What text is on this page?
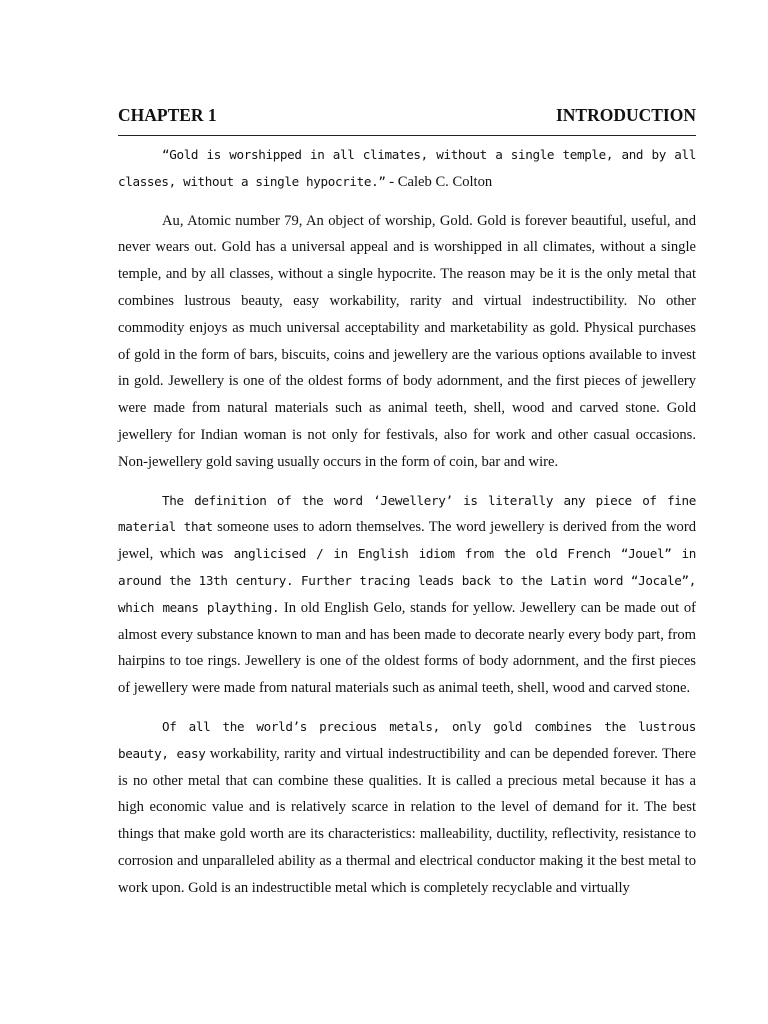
CHAPTER 1	INTRODUCTION

“Gold is worshipped in all climates, without a single temple, and by all classes, without a single hypocrite.” - Caleb C. Colton

Au, Atomic number 79, An object of worship, Gold. Gold is forever beautiful, useful, and never wears out. Gold has a universal appeal and is worshipped in all climates, without a single temple, and by all classes, without a single hypocrite. The reason may be it is the only metal that combines lustrous beauty, easy workability, rarity and virtual indestructibility. No other commodity enjoys as much universal acceptability and marketability as gold. Physical purchases of gold in the form of bars, biscuits, coins and jewellery are the various options available to invest in gold. Jewellery is one of the oldest forms of body adornment, and the first pieces of jewellery were made from natural materials such as animal teeth, shell, wood and carved stone. Gold jewellery for Indian woman is not only for festivals, also for work and other casual occasions. Non-jewellery gold saving usually occurs in the form of coin, bar and wire.

The definition of the word ‘Jewellery’ is literally any piece of fine material that someone uses to adorn themselves. The word jewellery is derived from the word jewel, which was anglicised / in English idiom from the old French “Jouel” in around the 13th century. Further tracing leads back to the Latin word “Jocale”, which means plaything. In old English Gelo, stands for yellow. Jewellery can be made out of almost every substance known to man and has been made to decorate nearly every body part, from hairpins to toe rings. Jewellery is one of the oldest forms of body adornment, and the first pieces of jewellery were made from natural materials such as animal teeth, shell, wood and carved stone.

Of all the world’s precious metals, only gold combines the lustrous beauty, easy workability, rarity and virtual indestructibility and can be depended forever. There is no other metal that can combine these qualities. It is called a precious metal because it has a high economic value and is relatively scarce in relation to the level of demand for it. The best things that make gold worth are its characteristics: malleability, ductility, reflectivity, resistance to corrosion and unparalleled ability as a thermal and electrical conductor making it the best metal to work upon. Gold is an indestructible metal which is completely recyclable and virtually
